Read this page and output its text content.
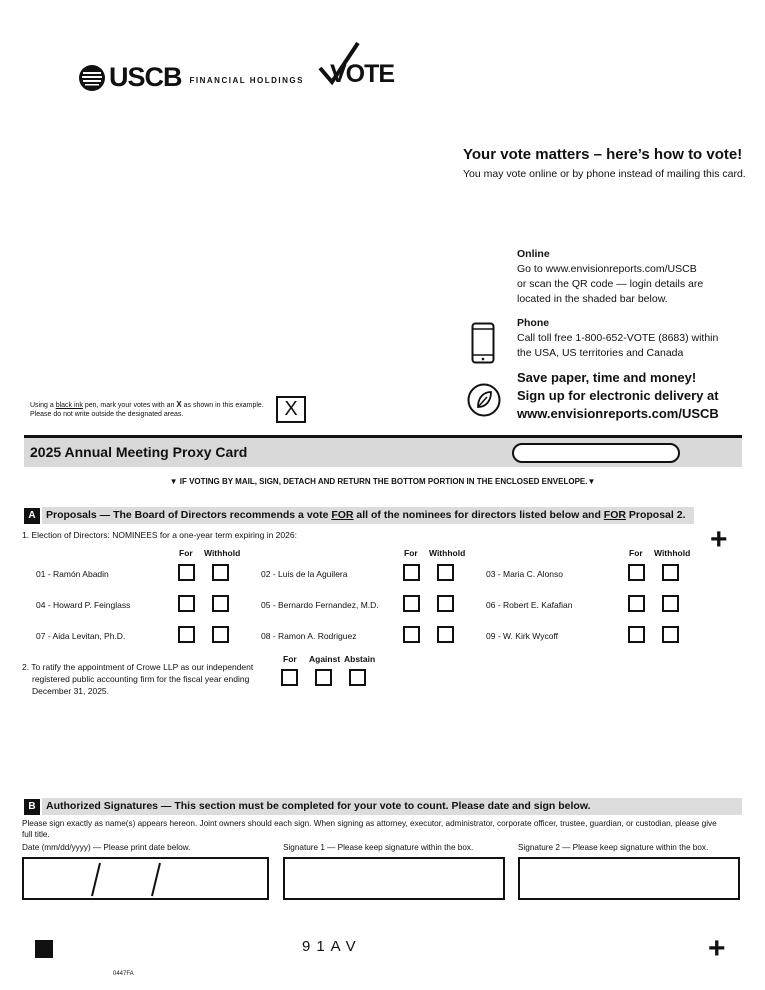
USCB FINANCIAL HOLDINGS VOTE
Your vote matters – here’s how to vote!
You may vote online or by phone instead of mailing this card.
Online
Go to www.envisionreports.com/USCB
or scan the QR code — login details are
located in the shaded bar below.
Phone
Call toll free 1-800-652-VOTE (8683) within
the USA, US territories and Canada
Save paper, time and money!
Sign up for electronic delivery at
www.envisionreports.com/USCB
Using a black ink pen, mark your votes with an X as shown in this example.
Please do not write outside the designated areas.	X
2025 Annual Meeting Proxy Card
▼ IF VOTING BY MAIL, SIGN, DETACH AND RETURN THE BOTTOM PORTION IN THE ENCLOSED ENVELOPE.▼
A Proposals — The Board of Directors recommends a vote FOR all of the nominees for directors listed below and FOR Proposal 2.
+
1. Election of Directors: NOMINEES for a one-year term expiring in 2026:
For Withhold	For Withhold	For Withhold
01 - Ramón Abadin	02 - Luis de la Aguilera	03 - Maria C. Alonso
04 - Howard P. Feinglass	05 - Bernardo Fernandez, M.D.	06 - Robert E. Kafafian
07 - Aida Levitan, Ph.D.	08 - Ramon A. Rodriguez	09 - W. Kirk Wycoff
2. To ratify the appointment of Crowe LLP as our independent
registered public accounting firm for the fiscal year ending
December 31, 2025.
For Against Abstain
B Authorized Signatures — This section must be completed for your vote to count. Please date and sign below.
Please sign exactly as name(s) appears hereon. Joint owners should each sign. When signing as attorney, executor, administrator, corporate officer, trustee, guardian, or custodian, please give
full title.
Date (mm/dd/yyyy) — Please print date below.	Signature 1 — Please keep signature within the box.	Signature 2 — Please keep signature within the box.
91AV	+
0447FA
